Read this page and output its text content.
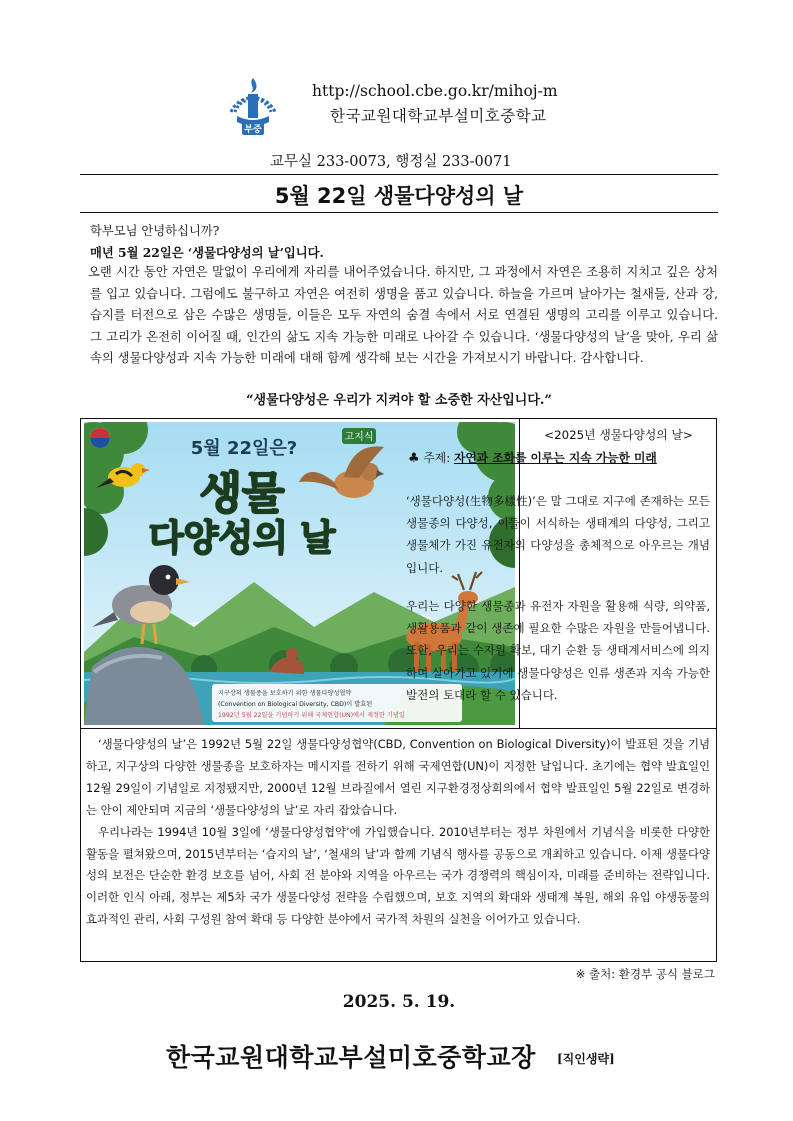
부중
http://school.cbe.go.kr/mihoj-m
한국교원대학교부설미호중학교
교무실 233-0073, 행정실 233-0071
5월 22일 생물다양성의 날
학부모님 안녕하십니까?
매년 5월 22일은 ‘생물다양성의 날’입니다.
오랜 시간 동안 자연은 말없이 우리에게 자리를 내어주었습니다. 하지만, 그 과정에서 자연은 조용히 지치고 깊은 상처를 입고 있습니다. 그럼에도 불구하고 자연은 여전히 생명을 품고 있습니다. 하늘을 가르며 날아가는 철새들, 산과 강, 습지를 터전으로 삼은 수많은 생명들, 이들은 모두 자연의 숨결 속에서 서로 연결된 생명의 고리를 이루고 있습니다. 그 고리가 온전히 이어질 때, 인간의 삶도 지속 가능한 미래로 나아갈 수 있습니다. ‘생물다양성의 날’을 맞아, 우리 삶 속의 생물다양성과 지속 가능한 미래에 대해 함께 생각해 보는 시간을 가져보시기 바랍니다. 감사합니다.
“생물다양성은 우리가 지켜야 할 소중한 자산입니다.”
고지식
5월 22일은?
생물
다양성의 날
지구상의 생물종을 보호하기 위한 생물다양성협약
(Convention on Biological Diversity, CBD)이 발효된
1992년 5월 22일을 기념하기 위해 국제연합(UN)에서 제정한 기념일
<2025년 생물다양성의 날>
♣ 주제: 자연과 조화를 이루는 지속 가능한 미래
‘생물다양성(生物多樣性)’은 말 그대로 지구에 존재하는 모든 생물종의 다양성, 이들이 서식하는 생태계의 다양성, 그리고 생물체가 가진 유전자의 다양성을 총체적으로 아우르는 개념입니다.
우리는 다양한 생물종과 유전자 자원을 활용해 식량, 의약품, 생활용품과 같이 생존에 필요한 수많은 자원을 만들어냅니다. 또한, 우리는 수자원 확보, 대기 순환 등 생태계서비스에 의지하며 살아가고 있기에 생물다양성은 인류 생존과 지속 가능한 발전의 토대라 할 수 있습니다.

‘생물다양성의 날’은 1992년 5월 22일 생물다양성협약(CBD, Convention on Biological Diversity)이 발표된 것을 기념하고, 지구상의 다양한 생물종을 보호하자는 메시지를 전하기 위해 국제연합(UN)이 지정한 날입니다. 초기에는 협약 발효일인 12월 29일이 기념일로 지정됐지만, 2000년 12월 브라질에서 열린 지구환경정상회의에서 협약 발표일인 5월 22일로 변경하는 안이 제안되며 지금의 ‘생물다양성의 날’로 자리 잡았습니다.

우리나라는 1994년 10월 3일에 ‘생물다양성협약’에 가입했습니다. 2010년부터는 정부 차원에서 기념식을 비롯한 다양한 활동을 펼쳐왔으며, 2015년부터는 ‘습지의 날’, ‘철새의 날’과 함께 기념식 행사를 공동으로 개최하고 있습니다. 이제 생물다양성의 보전은 단순한 환경 보호를 넘어, 사회 전 분야와 지역을 아우르는 국가 경쟁력의 핵심이자, 미래를 준비하는 전략입니다. 이러한 인식 아래, 정부는 제5차 국가 생물다양성 전략을 수립했으며, 보호 지역의 확대와 생태계 복원, 해외 유입 야생동물의 효과적인 관리, 사회 구성원 참여 확대 등 다양한 분야에서 국가적 차원의 실천을 이어가고 있습니다.

※ 출처: 환경부 공식 블로그
2025. 5. 19.
한국교원대학교부설미호중학교장 [직인생략]
